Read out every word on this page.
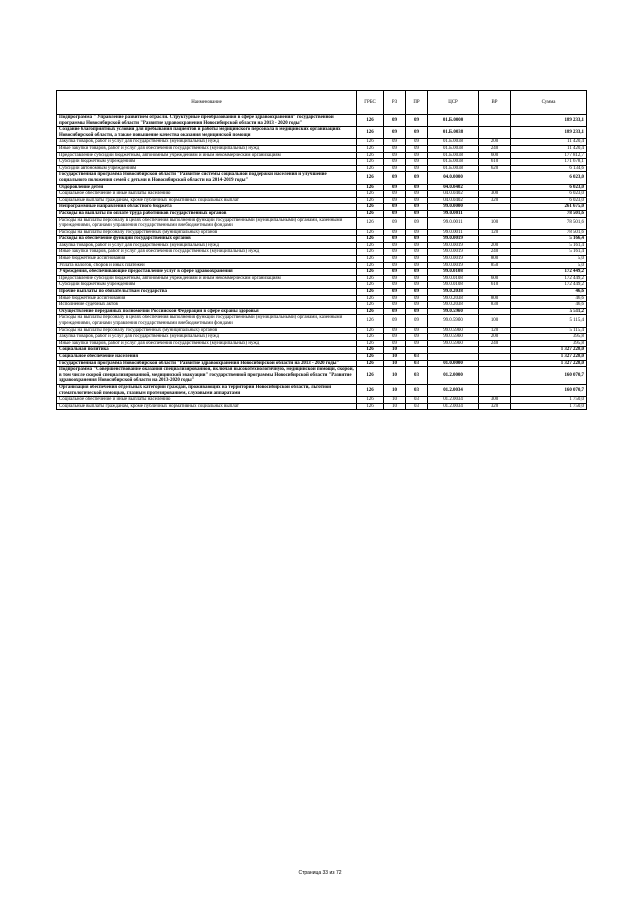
Наименование	ГРБС	РЗ	ПР	ЦСР	ВР	Сумма
Подпрограмма " Управление развитием отрасли. Структурные преобразования в сфере здравоохранения" государственной программы Новосибирской области "Развитие здравоохранения Новосибирской области на 2013 - 2020 годы"	126	09	09	01.Б.0000		189 233,1
Создание благоприятных условий для пребывания пациентов и работы медицинского персонала в медицинских организациях Новосибирской области, а также повышение качества оказания медицинской помощи	126	09	09	01.Б.0038		189 233,1
Закупка товаров, работ и услуг для государственных (муниципальных) нужд	126	09	09	01.Б.0038	200	11 420,4
Иные закупки товаров, работ и услуг для обеспечения государственных (муниципальных) нужд	126	09	09	01.Б.0038	240	11 420,4
Предоставление субсидий бюджетным, автономным учреждениям и иным некоммерческим организациям	126	09	09	01.Б.0038	600	177 812,7
Субсидии бюджетным учреждениям	126	09	09	01.Б.0038	610	171 678,1
Субсидии автономным учреждениям	126	09	09	01.Б.0038	620	6 134,6
Государственная программа Новосибирской области "Развитие системы социальной поддержки населения и улучшение социального положения семей с детьми в Новосибирской области на 2014-2019 годы"	126	09	09	04.0.0000		6 023,0
Оздоровление детей	126	09	09	04.0.0402		6 023,0
Социальное обеспечение и иные выплаты населению	126	09	09	04.0.0402	300	6 023,0
Социальные выплаты гражданам, кроме публичных нормативных социальных выплат	126	09	09	04.0.0402	320	6 023,0
Непрограммные направления областного бюджета	126	09	09	99.0.0000		261 675,0
Расходы на выплаты по оплате труда работников государственных органов	126	09	09	99.0.0011		78 501,6
Расходы на выплаты персоналу в целях обеспечения выполнения функций государственными (муниципальными) органами, казенными учреждениями, органами управления государственными внебюджетными фондами	126	09	09	99.0.0011	100	78 501,6
Расходы на выплаты персоналу государственных (муниципальных) органов	126	09	09	99.0.0011	120	78 501,6
Расходы на обеспечение функций государственных органов	126	09	09	99.0.0019		5 166,4
Закупка товаров, работ и услуг для государственных (муниципальных) нужд	126	09	09	99.0.0019	200	5 161,4
Иные закупки товаров, работ и услуг для обеспечения государственных (муниципальных) нужд	126	09	09	99.0.0019	240	5 161,4
Иные бюджетные ассигнования	126	09	09	99.0.0019	800	5,0
Уплата налогов, сборов и иных платежей	126	09	09	99.0.0019	850	5,0
Учреждения, обеспечивающие предоставление услуг в сфере здравоохранения	126	09	09	99.0.0108		172 449,2
Предоставление субсидий бюджетным, автономным учреждениям и иным некоммерческим организациям	126	09	09	99.0.0108	600	172 449,2
Субсидии бюджетным учреждениям	126	09	09	99.0.0108	610	172 449,2
Прочие выплаты по обязательствам государства	126	09	09	99.0.2038		46,6
Иные бюджетные ассигнования	126	09	09	99.0.2038	800	46,6
Исполнение судебных актов	126	09	09	99.0.2038	830	46,6
Осуществление переданных полномочий Российской Федерации в сфере охраны здоровья	126	09	09	99.0.59б0		5 511,2
Расходы на выплаты персоналу в целях обеспечения выполнения функций государственными (муниципальными) органами, казенными учреждениями, органами управления государственными внебюджетными фондами	126	09	09	99.0.59б0	100	5 115,4
Расходы на выплаты персоналу государственных (муниципальных) органов	126	09	09	99.0.59б0	120	5 115,4
Закупка товаров, работ и услуг для государственных (муниципальных) нужд	126	09	09	99.0.59б0	200	395,8
Иные закупки товаров, работ и услуг для обеспечения государственных (муниципальных) нужд	126	09	09	99.0.59б0	240	395,8
Социальная политика	126	10				1 327 228,0
Социальное обеспечение населения	126	10	03			1 327 228,0
Государственная программа Новосибирской области "Развитие здравоохранения Новосибирской области на 2013 - 2020 годы"	126	10	03	01.0.0000		1 327 228,0
Подпрограмма "Совершенствование оказания специализированной, включая высокотехнологичную, медицинской помощи, скорой, в том числе скорой специализированной, медицинской эвакуации" государственной программы Новосибирской области "Развитие здравоохранения Новосибирской области на 2013-2020 годы"	126	10	03	01.2.0000		160 070,7
Организация обеспечения отдельных категорий граждан, проживающих на территории Новосибирской области, льготной стоматологической помощью, глазным протезированием, слуховыми аппаратами	126	10	03	01.2.0034		160 070,7
Социальное обеспечение и иные выплаты населению	126	10	03	01.2.0034	300	1 750,0
Социальные выплаты гражданам, кроме публичных нормативных социальных выплат	126	10	03	01.2.0034	320	1 750,0
Страница 33 из 72
